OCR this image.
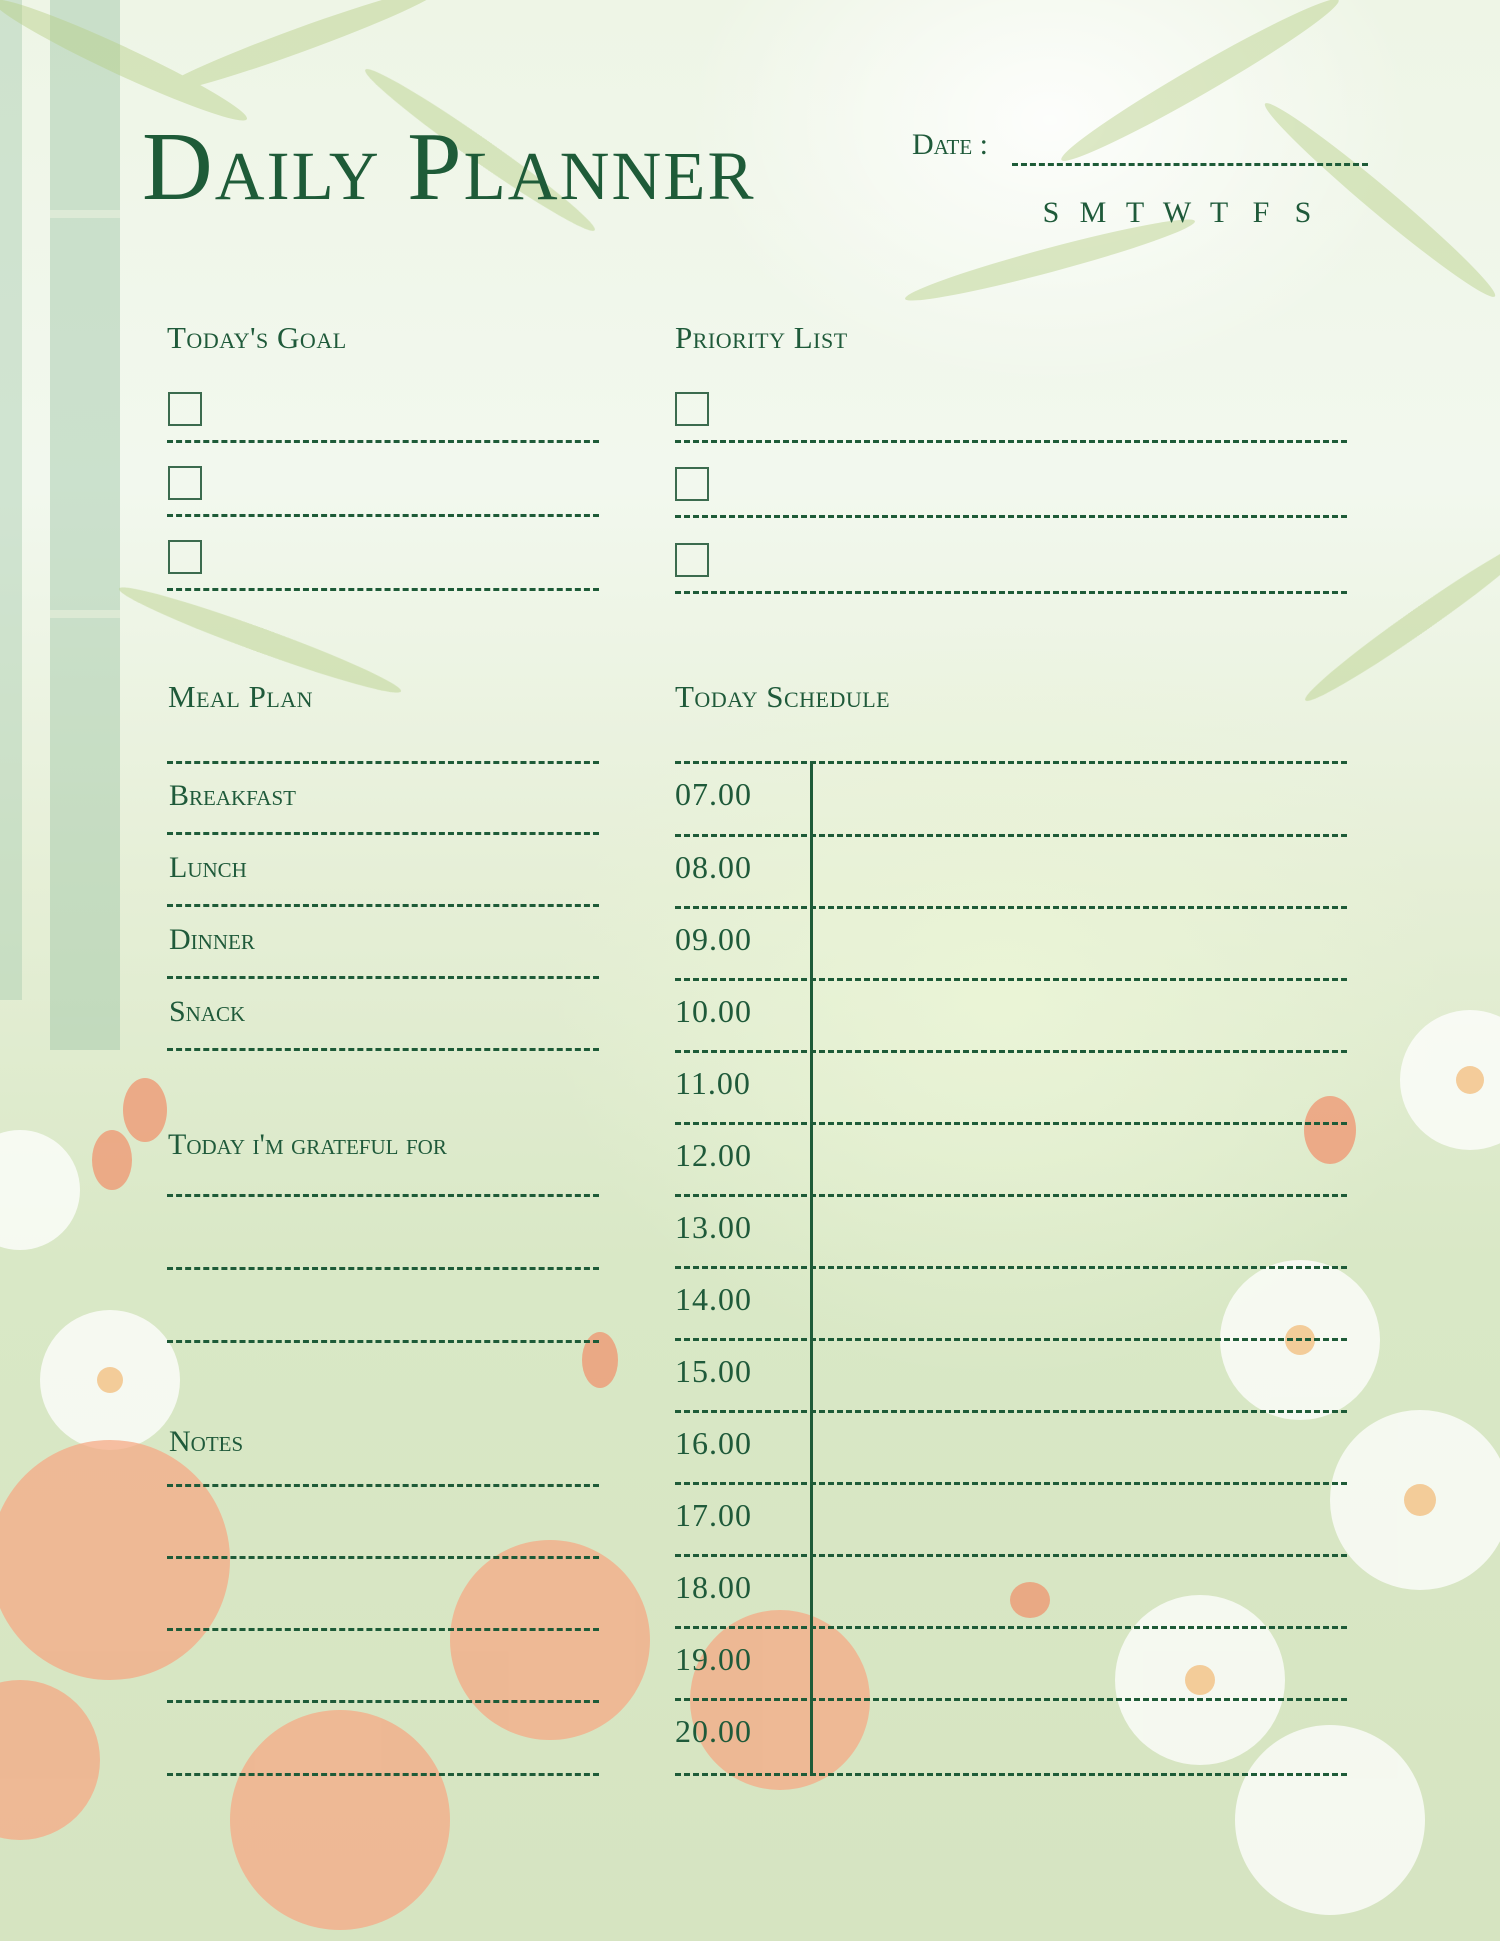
Daily Planner	Date :
S M T W T F S
Today's Goal	Priority List
Meal Plan
Breakfast
Lunch
Dinner
Snack
Today i'm grateful for
Notes
Today Schedule
07.00
08.00
09.00
10.00
11.00
12.00
13.00
14.00
15.00
16.00
17.00
18.00
19.00
20.00
